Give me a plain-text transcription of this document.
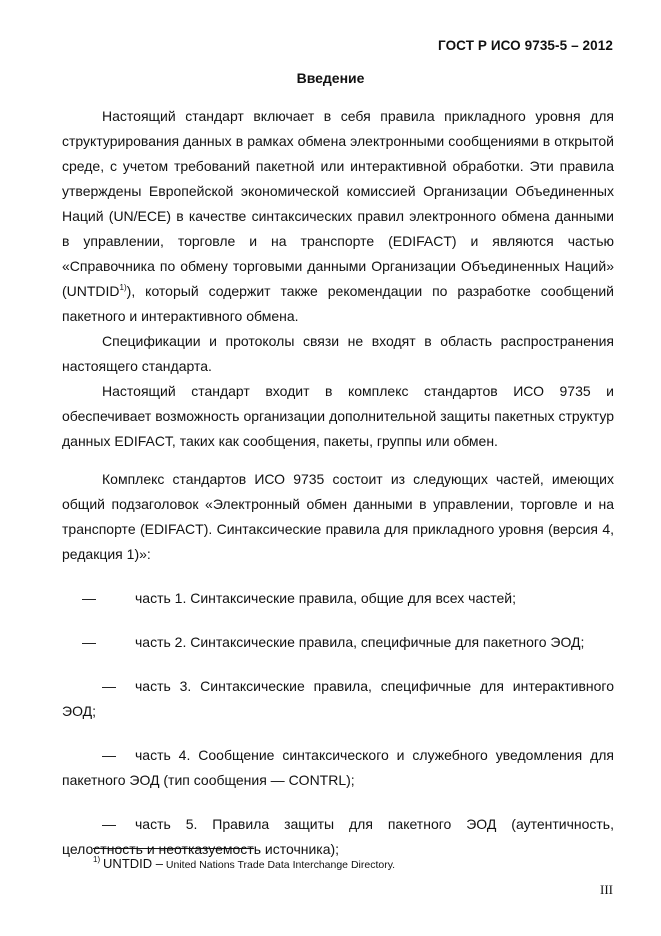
ГОСТ Р ИСО 9735-5 – 2012
Введение

Настоящий стандарт включает в себя правила прикладного уровня для структурирования данных в рамках обмена электронными сообщениями в открытой среде, с учетом требований пакетной или интерактивной обработки. Эти правила утверждены Европейской экономической комиссией Организации Объединенных Наций (UN/ECE) в качестве синтаксических правил электронного обмена данными в управлении, торговле и на транспорте (EDIFACT) и являются частью «Справочника по обмену торговыми данными Организации Объединенных Наций» (UNTDID$^{1)}$), который содержит также рекомендации по разработке сообщений пакетного и интерактивного обмена.

Спецификации и протоколы связи не входят в область распространения настоящего стандарта.

Настоящий стандарт входит в комплекс стандартов ИСО 9735 и обеспечивает возможность организации дополнительной защиты пакетных структур данных EDIFACT, таких как сообщения, пакеты, группы или обмен.

Комплекс стандартов ИСО 9735 состоит из следующих частей, имеющих общий подзаголовок «Электронный обмен данными в управлении, торговле и на транспорте (EDIFACT). Синтаксические правила для прикладного уровня (версия 4, редакция 1)»:

—	часть 1. Синтаксические правила, общие для всех частей;
—	часть 2. Синтаксические правила, специфичные для пакетного ЭОД;

— часть 3. Синтаксические правила, специфичные для интерактивного ЭОД;

— часть 4. Сообщение синтаксического и служебного уведомления для пакетного ЭОД (тип сообщения — CONTRL);

— часть 5. Правила защиты для пакетного ЭОД (аутентичность, целостность и неотказуемость источника);

$^{1)}$ UNTDID – United Nations Trade Data Interchange Directory.
III
